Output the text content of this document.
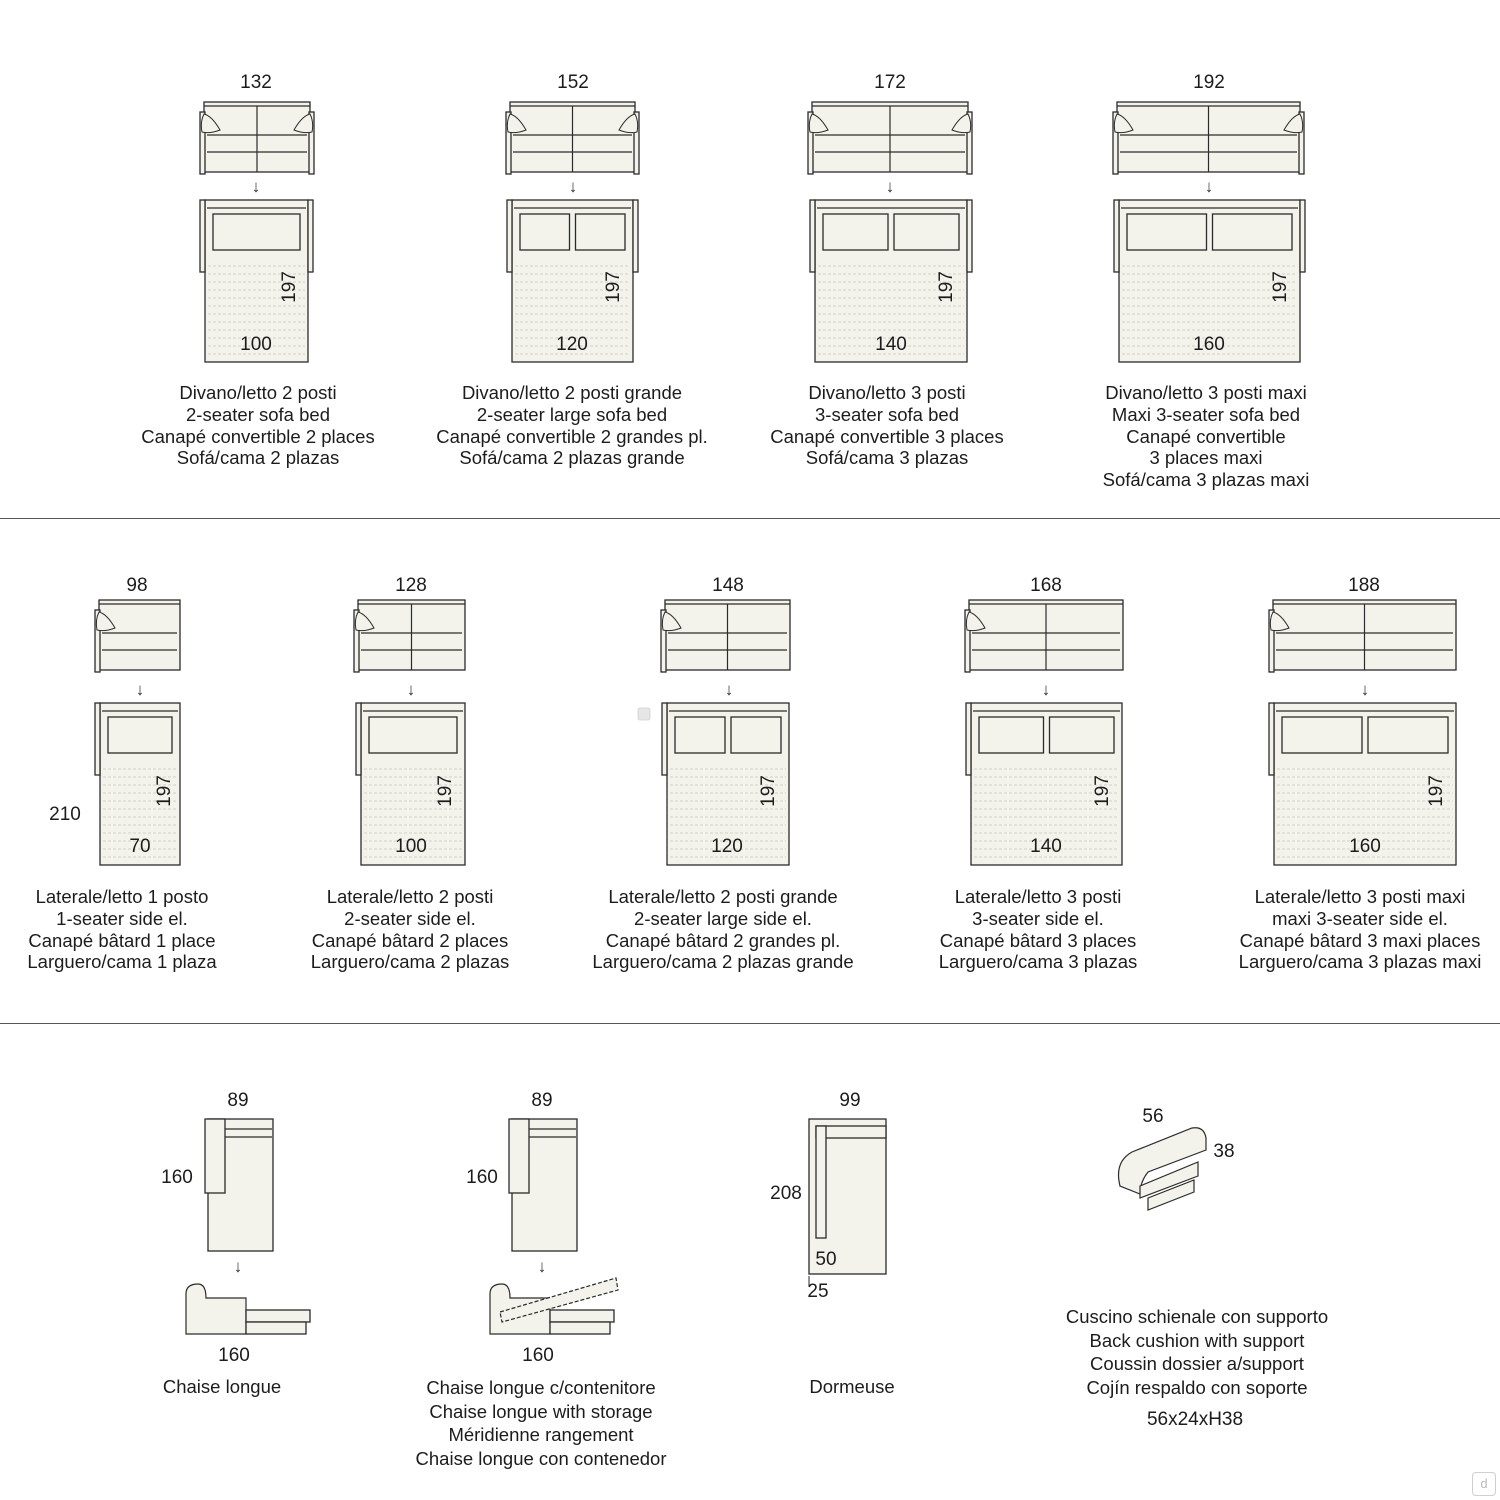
132
↓
197
100
Divano/letto 2 posti
2-seater sofa bed
Canapé convertible 2 places
Sofá/cama 2 plazas
152
↓
197
120
Divano/letto 2 posti grande
2-seater large sofa bed
Canapé convertible 2 grandes pl.
Sofá/cama 2 plazas grande
172
↓
197
140
Divano/letto 3 posti
3-seater sofa bed
Canapé convertible 3 places
Sofá/cama 3 plazas
192
↓
197
160
Divano/letto 3 posti maxi
Maxi 3-seater sofa bed
Canapé convertible
3 places maxi
Sofá/cama 3 plazas maxi
98
↓
197
210
70
Laterale/letto 1 posto
1-seater side el.
Canapé bâtard 1 place
Larguero/cama 1 plaza
128
↓
197
100
Laterale/letto 2 posti
2-seater side el.
Canapé bâtard 2 places
Larguero/cama 2 plazas
148
↓
197
120
Laterale/letto 2 posti grande
2-seater large side el.
Canapé bâtard 2 grandes pl.
Larguero/cama 2 plazas grande
168
↓
197
140
Laterale/letto 3 posti
3-seater side el.
Canapé bâtard 3 places
Larguero/cama 3 plazas
188
↓
197
160
Laterale/letto 3 posti maxi
maxi 3-seater side el.
Canapé bâtard 3 maxi places
Larguero/cama 3 plazas maxi
89
160
↓
160
Chaise longue
89
160
↓
160
Chaise longue c/contenitore
Chaise longue with storage
Méridienne rangement
Chaise longue con contenedor
99
208
50
25
Dormeuse
56
38
Cuscino schienale con supporto
Back cushion with support
Coussin dossier a/support
Cojín respaldo con soporte
56x24xH38
d
